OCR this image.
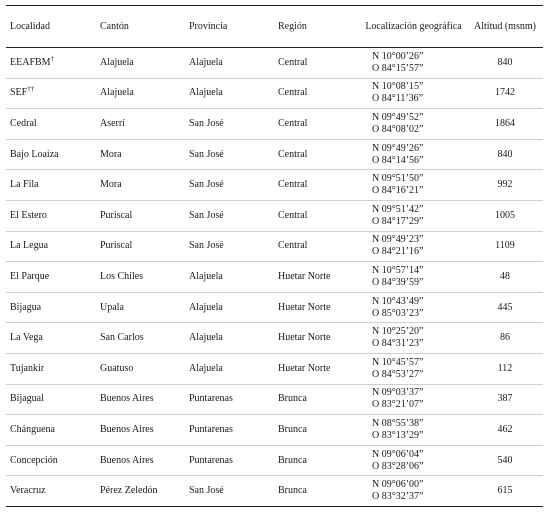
Localidad	Cantón	Provincia	Región	Localización geográfica	Altitud (msnm)
EEAFBM†	Alajuela	Alajuela	Central	N 10°00’26”
O 84°15’57”	840
SEF††	Alajuela	Alajuela	Central	N 10°08’15”
O 84°11’36”	1742
Cedral	Aserrí	San José	Central	N 09°49’52”
O 84°08’02”	1864
Bajo Loaiza	Mora	San José	Central	N 09°49’26”
O 84°14’56”	840
La Fila	Mora	San José	Central	N 09°51’50”
O 84°16’21”	992
El Estero	Puriscal	San José	Central	N 09°51’42”
O 84°17’29”	1005
La Legua	Puriscal	San José	Central	N 09°49’23”
O 84°21’16”	1109
El Parque	Los Chiles	Alajuela	Huetar Norte	N 10°57’14”
O 84°39’59”	48
Bijagua	Upala	Alajuela	Huetar Norte	N 10°43’49”
O 85°03’23”	445
La Vega	San Carlos	Alajuela	Huetar Norte	N 10°25’20”
O 84°31’23”	86
Tujankir	Guatuso	Alajuela	Huetar Norte	N 10°45’57”
O 84°53’27”	112
Bijagual	Buenos Aires	Puntarenas	Brunca	N 09°03’37”
O 83°21’07”	387
Chánguena	Buenos Aires	Puntarenas	Brunca	N 08°55’38”
O 83°13’29”	462
Concepción	Buenos Aires	Puntarenas	Brunca	N 09°06’04”
O 83°28’06”	540
Veracruz	Pérez Zeledón	San José	Brunca	N 09°06’00”
O 83°32’37”	615
